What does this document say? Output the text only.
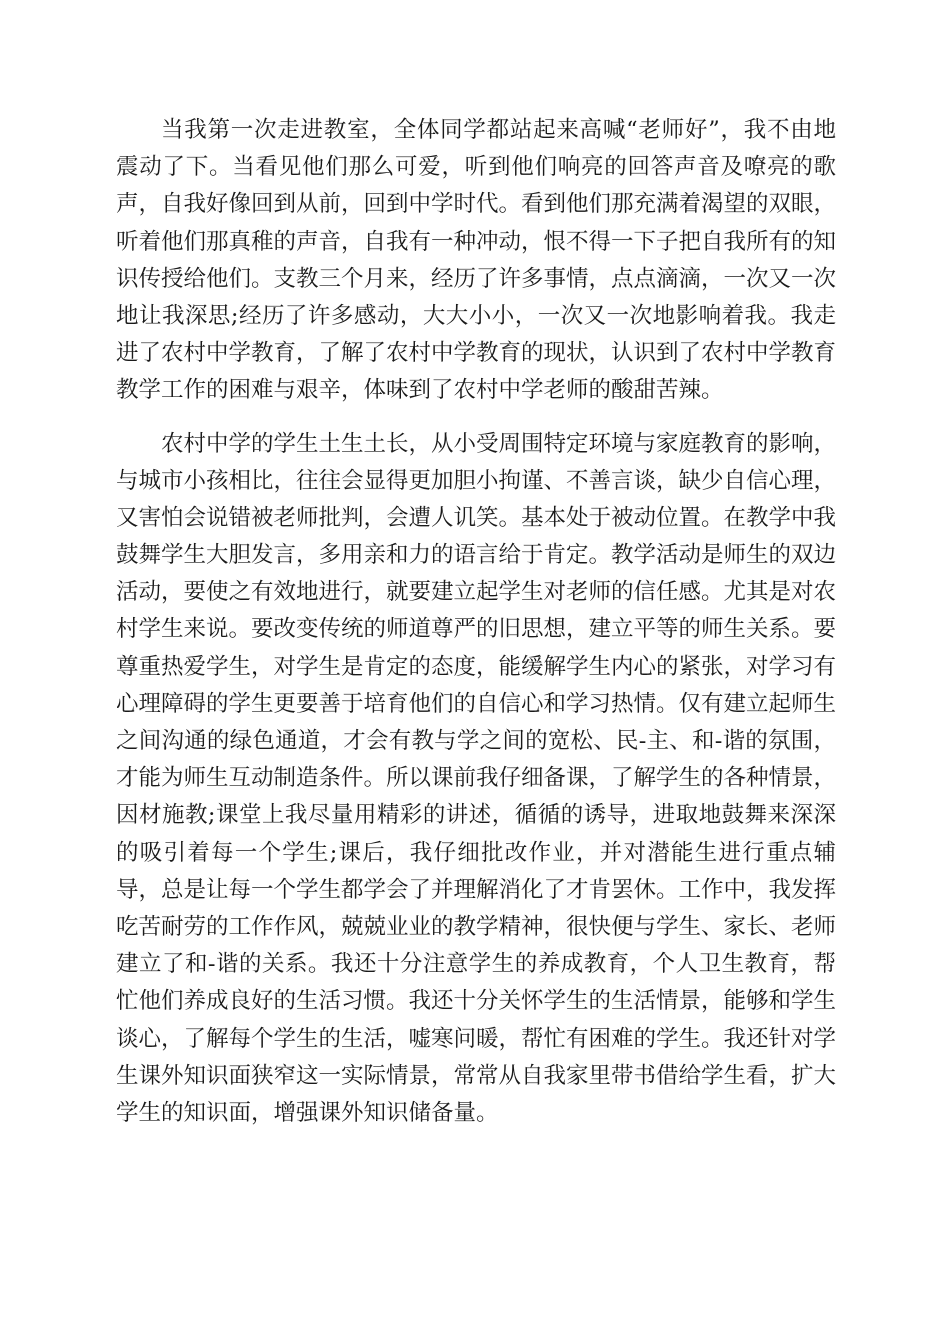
当我第一次走进教室，全体同学都站起来高喊“老师好”，我不由地
震动了下。当看见他们那么可爱，听到他们响亮的回答声音及嘹亮的歌
声，自我好像回到从前，回到中学时代。看到他们那充满着渴望的双眼，
听着他们那真稚的声音，自我有一种冲动，恨不得一下子把自我所有的知
识传授给他们。支教三个月来，经历了许多事情，点点滴滴，一次又一次
地让我深思;经历了许多感动，大大小小，一次又一次地影响着我。我走
进了农村中学教育，了解了农村中学教育的现状，认识到了农村中学教育
教学工作的困难与艰辛，体味到了农村中学老师的酸甜苦辣。
农村中学的学生土生土长，从小受周围特定环境与家庭教育的影响，
与城市小孩相比，往往会显得更加胆小拘谨、不善言谈，缺少自信心理，
又害怕会说错被老师批判，会遭人讥笑。基本处于被动位置。在教学中我
鼓舞学生大胆发言，多用亲和力的语言给于肯定。教学活动是师生的双边
活动，要使之有效地进行，就要建立起学生对老师的信任感。尤其是对农
村学生来说。要改变传统的师道尊严的旧思想，建立平等的师生关系。要
尊重热爱学生，对学生是肯定的态度，能缓解学生内心的紧张，对学习有
心理障碍的学生更要善于培育他们的自信心和学习热情。仅有建立起师生
之间沟通的绿色通道，才会有教与学之间的宽松、民-主、和-谐的氛围，
才能为师生互动制造条件。所以课前我仔细备课，了解学生的各种情景，
因材施教;课堂上我尽量用精彩的讲述，循循的诱导，进取地鼓舞来深深
的吸引着每一个学生;课后，我仔细批改作业，并对潜能生进行重点辅
导，总是让每一个学生都学会了并理解消化了才肯罢休。工作中，我发挥
吃苦耐劳的工作作风，兢兢业业的教学精神，很快便与学生、家长、老师
建立了和-谐的关系。我还十分注意学生的养成教育，个人卫生教育，帮
忙他们养成良好的生活习惯。我还十分关怀学生的生活情景，能够和学生
谈心，了解每个学生的生活，嘘寒问暖，帮忙有困难的学生。我还针对学
生课外知识面狭窄这一实际情景，常常从自我家里带书借给学生看，扩大
学生的知识面，增强课外知识储备量。
